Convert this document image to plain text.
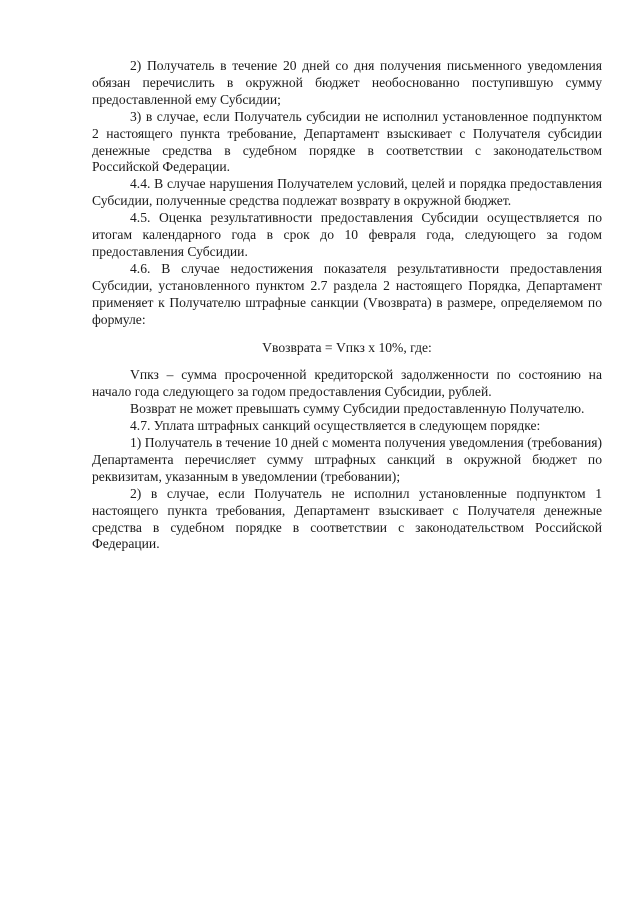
2) Получатель в течение 20 дней со дня получения письменного уведомления обязан перечислить в окружной бюджет необоснованно поступившую сумму предоставленной ему Субсидии;

3) в случае, если Получатель субсидии не исполнил установленное подпунктом 2 настоящего пункта требование, Департамент взыскивает с Получателя субсидии денежные средства в судебном порядке в соответствии с законодательством Российской Федерации.

4.4. В случае нарушения Получателем условий, целей и порядка предоставления Субсидии, полученные средства подлежат возврату в окружной бюджет.

4.5. Оценка результативности предоставления Субсидии осуществляется по итогам календарного года в срок до 10 февраля года, следующего за годом предоставления Субсидии.

4.6. В случае недостижения показателя результативности предоставления Субсидии, установленного пунктом 2.7 раздела 2 настоящего Порядка, Департамент применяет к Получателю штрафные санкции (Vвозврата) в размере, определяемом по формуле:

Vвозврата = Vпкз х 10%, где:

Vпкз – сумма просроченной кредиторской задолженности по состоянию на начало года следующего за годом предоставления Субсидии, рублей.

Возврат не может превышать сумму Субсидии предоставленную Получателю.

4.7. Уплата штрафных санкций осуществляется в следующем порядке:

1) Получатель в течение 10 дней с момента получения уведомления (требования) Департамента перечисляет сумму штрафных санкций в окружной бюджет по реквизитам, указанным в уведомлении (требовании);

2) в случае, если Получатель не исполнил установленные подпунктом 1 настоящего пункта требования, Департамент взыскивает с Получателя денежные средства в судебном порядке в соответствии с законодательством Российской Федерации.
